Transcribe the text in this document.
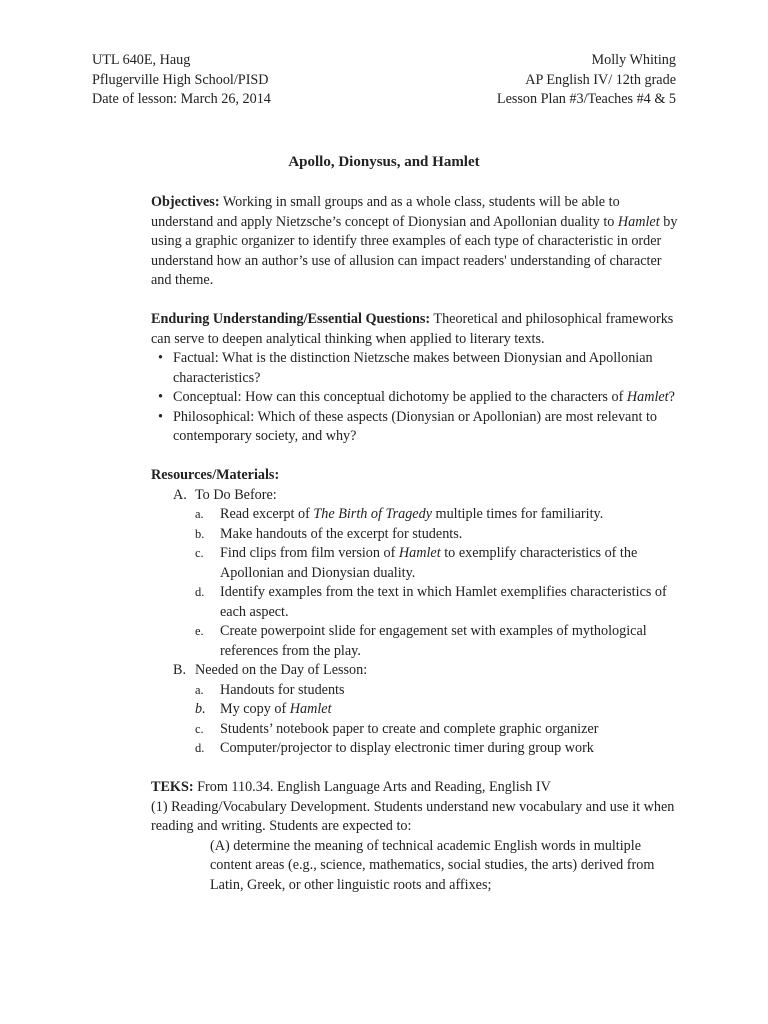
UTL 640E, Haug
Pflugerville High School/PISD
Date of lesson: March 26, 2014
Molly Whiting
AP English IV/ 12th grade
Lesson Plan #3/Teaches #4 & 5
Apollo, Dionysus, and Hamlet

Objectives: Working in small groups and as a whole class, students will be able to understand and apply Nietzsche’s concept of Dionysian and Apollonian duality to Hamlet by using a graphic organizer to identify three examples of each type of characteristic in order understand how an author’s use of allusion can impact readers' understanding of character and theme.

Enduring Understanding/Essential Questions: Theoretical and philosophical frameworks can serve to deepen analytical thinking when applied to literary texts.

• Factual: What is the distinction Nietzsche makes between Dionysian and Apollonian characteristics?
• Conceptual: How can this conceptual dichotomy be applied to the characters of Hamlet?
• Philosophical: Which of these aspects (Dionysian or Apollonian) are most relevant to contemporary society, and why?

Resources/Materials:

A. To Do Before:
a. Read excerpt of The Birth of Tragedy multiple times for familiarity.
b. Make handouts of the excerpt for students.
c. Find clips from film version of Hamlet to exemplify characteristics of the Apollonian and Dionysian duality.
d. Identify examples from the text in which Hamlet exemplifies characteristics of each aspect.
e. Create powerpoint slide for engagement set with examples of mythological references from the play.
B. Needed on the Day of Lesson:
a. Handouts for students
b. My copy of Hamlet
c. Students’ notebook paper to create and complete graphic organizer
d. Computer/projector to display electronic timer during group work

TEKS: From 110.34. English Language Arts and Reading, English IV

(1) Reading/Vocabulary Development. Students understand new vocabulary and use it when reading and writing. Students are expected to:

(A) determine the meaning of technical academic English words in multiple content areas (e.g., science, mathematics, social studies, the arts) derived from Latin, Greek, or other linguistic roots and affixes;
